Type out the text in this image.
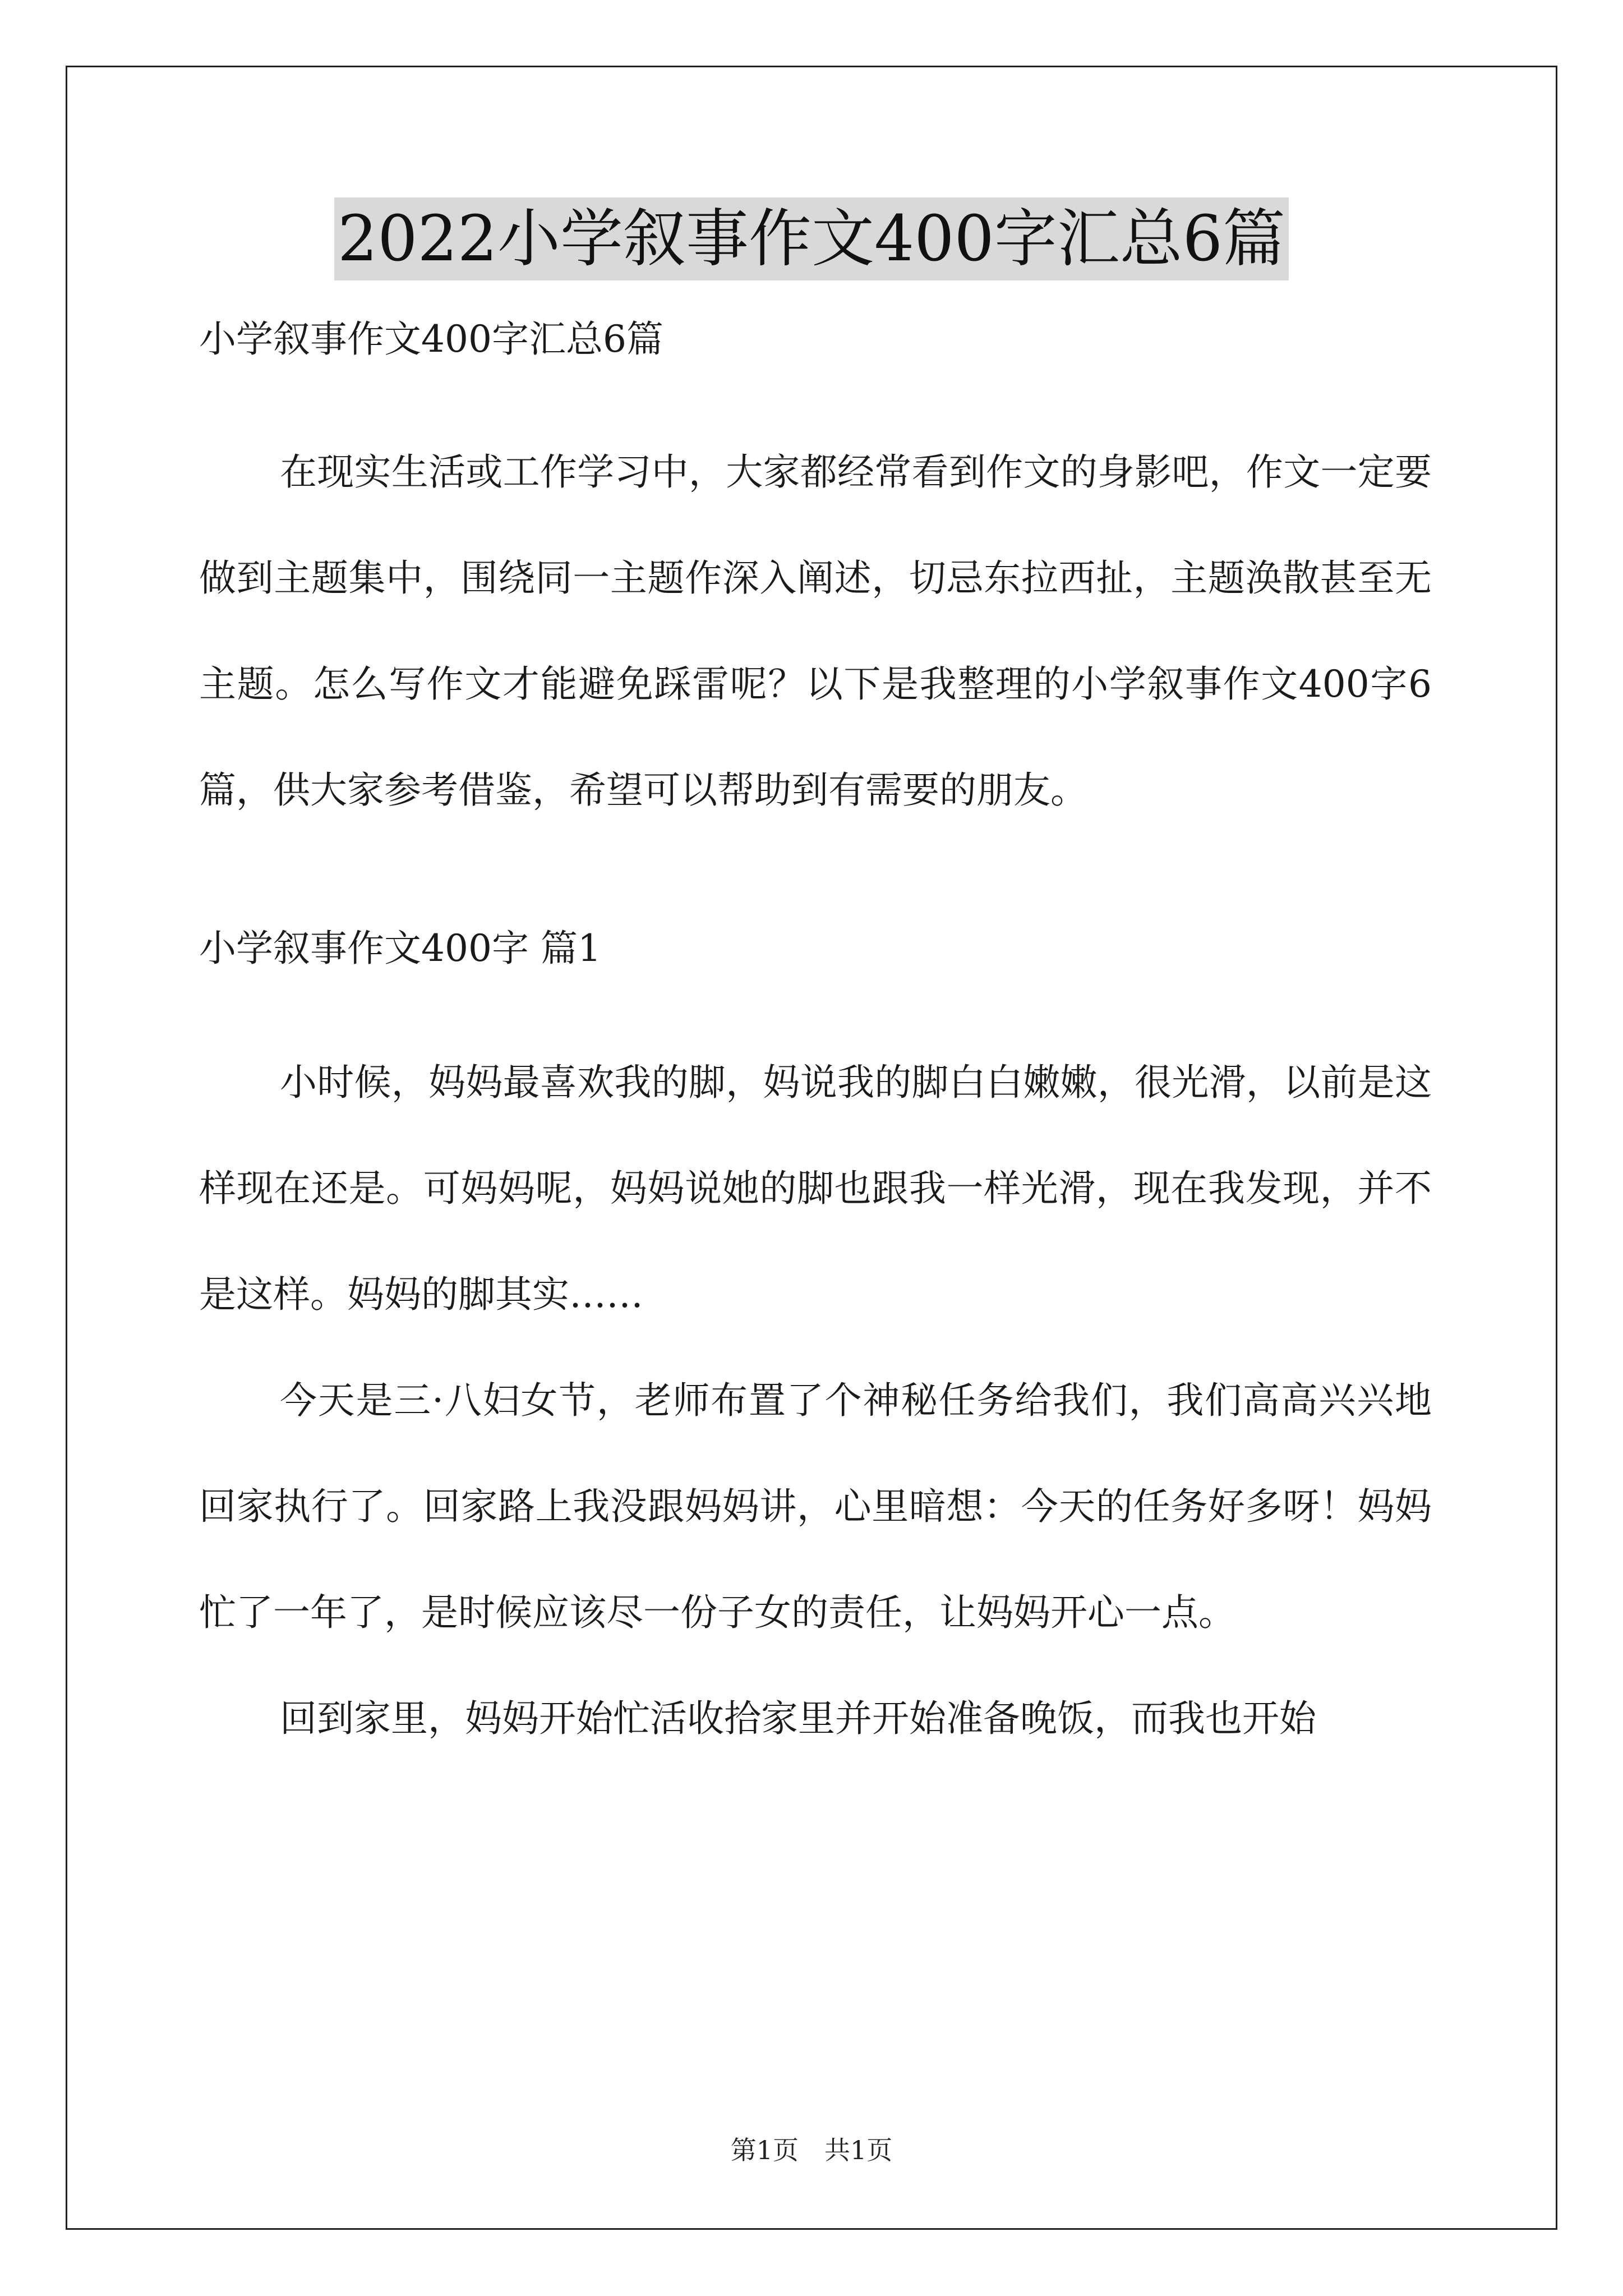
2022小学叙事作文400字汇总6篇

小学叙事作文400字汇总6篇

在现实生活或工作学习中，大家都经常看到作文的身影吧，作文一定要做到主题集中，围绕同一主题作深入阐述，切忌东拉西扯，主题涣散甚至无主题。怎么写作文才能避免踩雷呢？以下是我整理的小学叙事作文400字6篇，供大家参考借鉴，希望可以帮助到有需要的朋友。

小学叙事作文400字 篇1

小时候，妈妈最喜欢我的脚，妈说我的脚白白嫩嫩，很光滑，以前是这样现在还是。可妈妈呢，妈妈说她的脚也跟我一样光滑，现在我发现，并不是这样。妈妈的脚其实……

今天是三·八妇女节，老师布置了个神秘任务给我们，我们高高兴兴地回家执行了。回家路上我没跟妈妈讲，心里暗想：今天的任务好多呀！妈妈忙了一年了，是时候应该尽一份子女的责任，让妈妈开心一点。

回到家里，妈妈开始忙活收拾家里并开始准备晚饭，而我也开始

第1页　共1页
